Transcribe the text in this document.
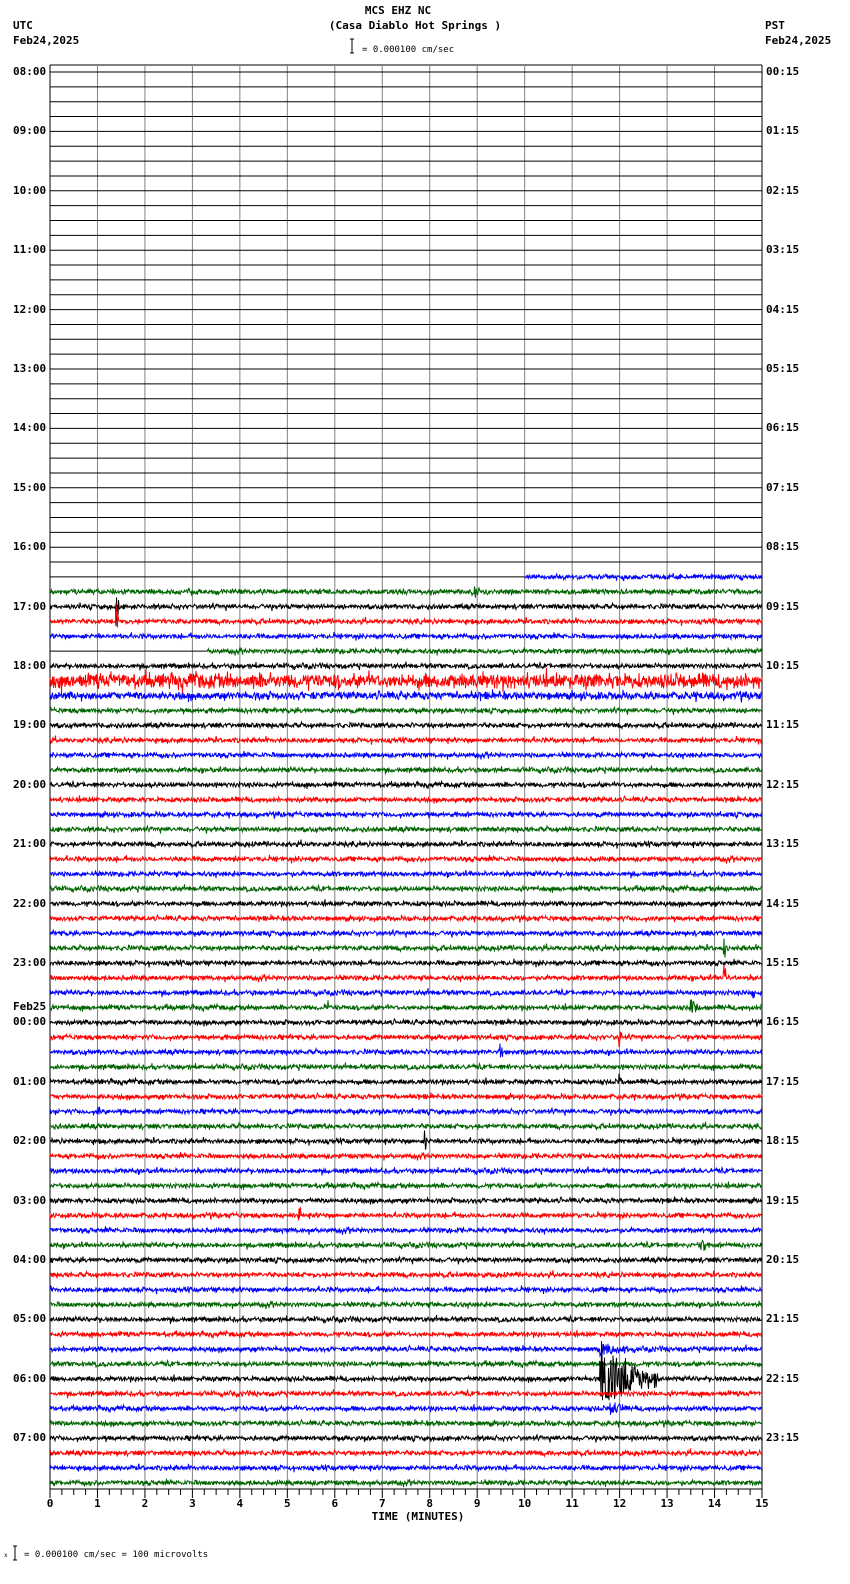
MCS EHZ NC
(Casa Diablo Hot Springs )
UTC
Feb24,2025
PST
Feb24,2025
= 0.000100 cm/sec
TIME (MINUTES)
x = 0.000100 cm/sec = 100 microvolts
0	1	2	3	4	5	6	7	8	9	10	11	12	13	14	15
08:00
09:00
10:00
11:00
12:00
13:00
14:00
15:00
16:00
17:00
18:00
19:00
20:00
21:00
22:00
23:00
Feb25
00:00
01:00
02:00
03:00
04:00
05:00
06:00
07:00
00:15
01:15
02:15
03:15
04:15
05:15
06:15
07:15
08:15
09:15
10:15
11:15
12:15
13:15
14:15
15:15
16:15
17:15
18:15
19:15
20:15
21:15
22:15
23:15
